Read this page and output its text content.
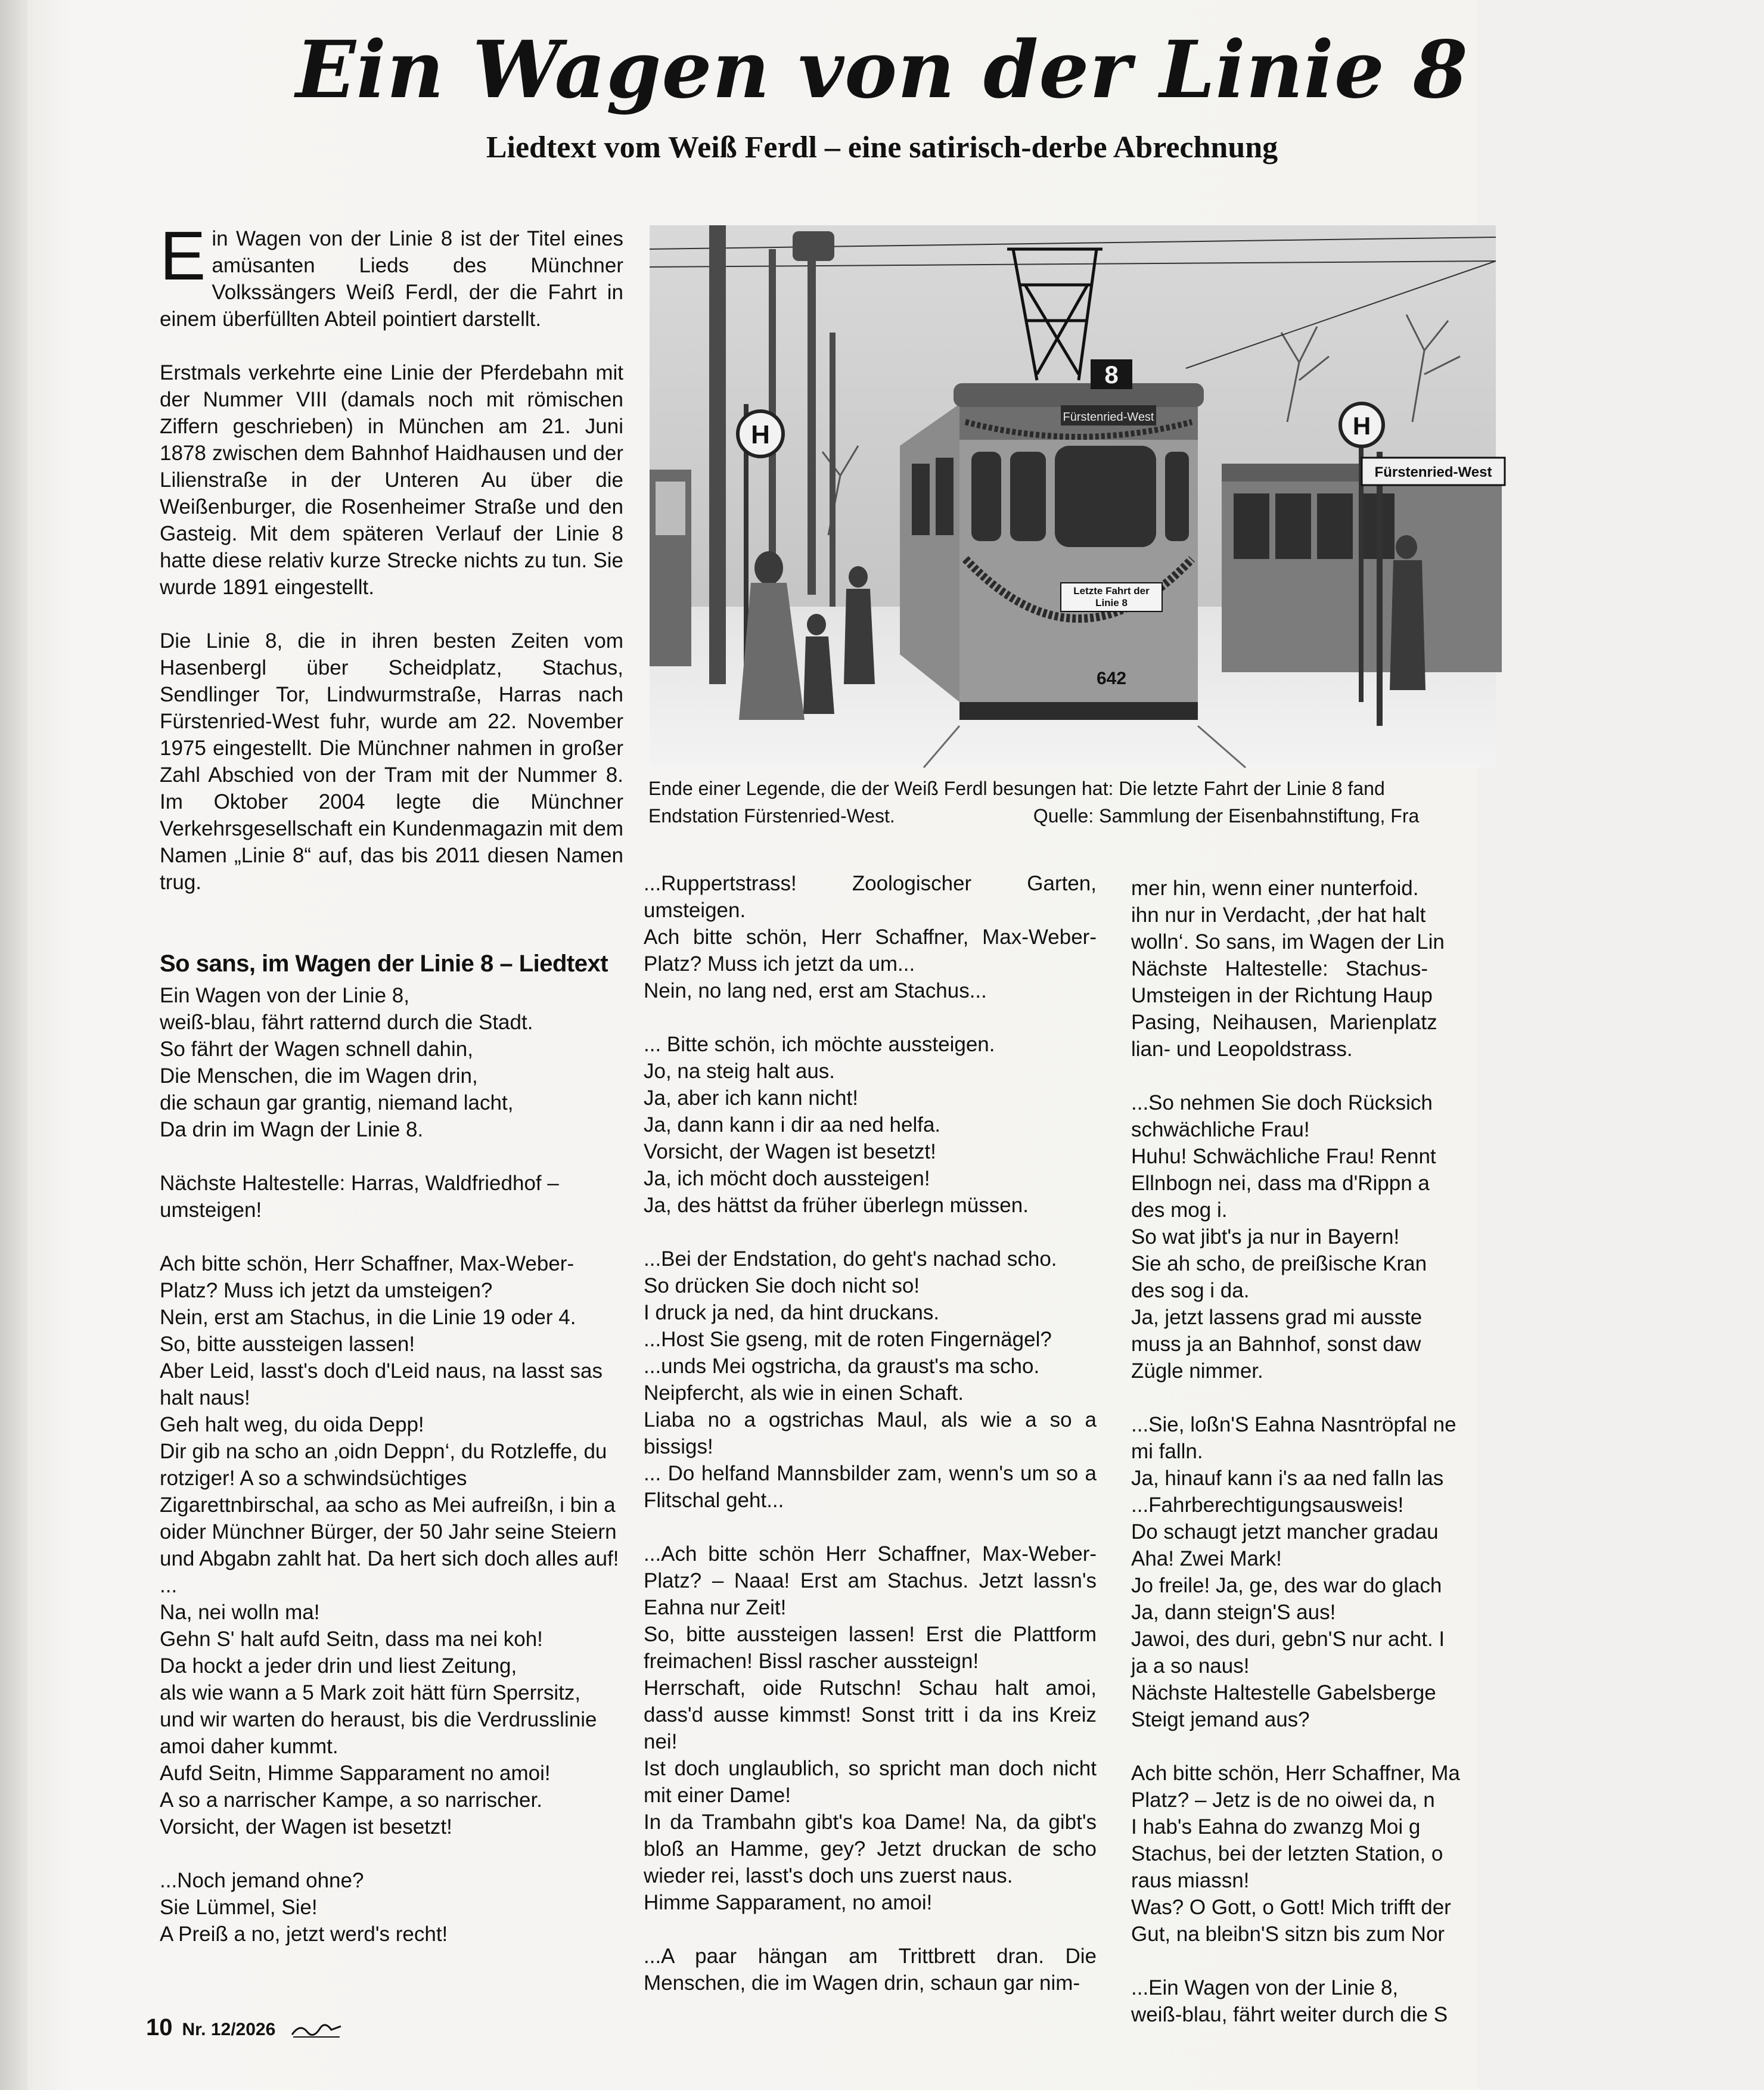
Ein Wagen von der Linie 8
Liedtext vom Weiß Ferdl – eine satirisch-derbe Abrechnung

Ein Wagen von der Linie 8 ist der Titel eines amüsanten Lieds des Münchner Volkssängers Weiß Ferdl, der die Fahrt in einem überfüllten Abteil pointiert darstellt.

Erstmals verkehrte eine Linie der Pferdebahn mit der Nummer VIII (damals noch mit römischen Ziffern geschrieben) in München am 21. Juni 1878 zwischen dem Bahnhof Haidhausen und der Lilienstraße in der Unteren Au über die Weißenburger, die Rosenheimer Straße und den Gasteig. Mit dem späteren Verlauf der Linie 8 hatte diese relativ kurze Strecke nichts zu tun. Sie wurde 1891 eingestellt.

Die Linie 8, die in ihren besten Zeiten vom Hasenbergl über Scheidplatz, Stachus, Sendlinger Tor, Lindwurmstraße, Harras nach Fürstenried-West fuhr, wurde am 22. November 1975 eingestellt. Die Münchner nahmen in großer Zahl Abschied von der Tram mit der Nummer 8. Im Oktober 2004 legte die Münchner Verkehrsgesellschaft ein Kundenmagazin mit dem Namen „Linie 8“ auf, das bis 2011 diesen Namen trug.

So sans, im Wagen der Linie 8 – Liedtext

Ein Wagen von der Linie 8,
weiß-blau, fährt ratternd durch die Stadt.
So fährt der Wagen schnell dahin,
Die Menschen, die im Wagen drin,
die schaun gar grantig, niemand lacht,
Da drin im Wagn der Linie 8.

Nächste Haltestelle: Harras, Waldfriedhof – umsteigen!

Ach bitte schön, Herr Schaffner, Max-Weber-Platz? Muss ich jetzt da umsteigen?
Nein, erst am Stachus, in die Linie 19 oder 4.
So, bitte aussteigen lassen!
Aber Leid, lasst's doch d'Leid naus, na lasst sas halt naus!
Geh halt weg, du oida Depp!
Dir gib na scho an ‚oidn Deppn‘, du Rotzleffe, du rotziger! A so a schwindsüchtiges Zigarettnbirschal, aa scho as Mei aufreißn, i bin a oider Münchner Bürger, der 50 Jahr seine Steiern und Abgabn zahlt hat. Da hert sich doch alles auf!
...
Na, nei wolln ma!
Gehn S' halt aufd Seitn, dass ma nei koh!
Da hockt a jeder drin und liest Zeitung,
als wie wann a 5 Mark zoit hätt fürn Sperrsitz,
und wir warten do heraust, bis die Verdrusslinie amoi daher kummt.
Aufd Seitn, Himme Sapparament no amoi!
A so a narrischer Kampe, a so narrischer.
Vorsicht, der Wagen ist besetzt!

...Noch jemand ohne?
Sie Lümmel, Sie!
A Preiß a no, jetzt werd's recht!

H
8
Fürstenried-West
Letzte Fahrt der Linie 8
642
H
Fürstenried-West
Ende einer Legende, die der Weiß Ferdl besungen hat: Die letzte Fahrt der Linie 8 fand
Endstation Fürstenried-West.	Quelle: Sammlung der Eisenbahnstiftung, Fra

...Ruppertstrass! Zoologischer Garten, umsteigen.
Ach bitte schön, Herr Schaffner, Max-Weber-Platz? Muss ich jetzt da um...
Nein, no lang ned, erst am Stachus...

... Bitte schön, ich möchte aussteigen.
Jo, na steig halt aus.
Ja, aber ich kann nicht!
Ja, dann kann i dir aa ned helfa.
Vorsicht, der Wagen ist besetzt!
Ja, ich möcht doch aussteigen!
Ja, des hättst da früher überlegn müssen.

...Bei der Endstation, do geht's nachad scho.
So drücken Sie doch nicht so!
I druck ja ned, da hint druckans.
...Host Sie gseng, mit de roten Fingernägel?
...unds Mei ogstricha, da graust's ma scho.
Neipfercht, als wie in einen Schaft.
Liaba no a ogstrichas Maul, als wie a so a bissigs!
... Do helfand Mannsbilder zam, wenn's um so a Flitschal geht...

...Ach bitte schön Herr Schaffner, Max-Weber-Platz? – Naaa! Erst am Stachus. Jetzt lassn's Eahna nur Zeit!
So, bitte aussteigen lassen! Erst die Plattform freimachen! Bissl rascher aussteign!
Herrschaft, oide Rutschn! Schau halt amoi, dass'd ausse kimmst! Sonst tritt i da ins Kreiz nei!
Ist doch unglaublich, so spricht man doch nicht mit einer Dame!
In da Trambahn gibt's koa Dame! Na, da gibt's bloß an Hamme, gey? Jetzt druckan de scho wieder rei, lasst's doch uns zuerst naus.
Himme Sapparament, no amoi!

...A paar hängan am Trittbrett dran. Die Menschen, die im Wagen drin, schaun gar nim-

mer hin, wenn einer nunterfoid.
ihn nur in Verdacht, ‚der hat halt
wolln‘. So sans, im Wagen der Lin
Nächste   Haltestelle:   Stachus-
Umsteigen in der Richtung Haup
Pasing,  Neihausen,  Marienplatz
lian- und Leopoldstrass.

...So nehmen Sie doch Rücksich
schwächliche Frau!
Huhu! Schwächliche Frau! Rennt
Ellnbogn nei, dass ma d'Rippn a
des mog i.
So wat jibt's ja nur in Bayern!
Sie ah scho, de preißische Kran
des sog i da.
Ja, jetzt lassens grad mi ausste
muss ja an Bahnhof, sonst daw
Zügle nimmer.

...Sie, loßn'S Eahna Nasntröpfal ne
mi falln.
Ja, hinauf kann i's aa ned falln las
...Fahrberechtigungsausweis!
Do schaugt jetzt mancher gradau
Aha! Zwei Mark!
Jo freile! Ja, ge, des war do glach
Ja, dann steign'S aus!
Jawoi, des duri, gebn'S nur acht. I
ja a so naus!
Nächste Haltestelle Gabelsberge
Steigt jemand aus?

Ach bitte schön, Herr Schaffner, Ma
Platz? – Jetz is de no oiwei da, n
I hab's Eahna do zwanzg Moi g
Stachus, bei der letzten Station, o
raus miassn!
Was? O Gott, o Gott! Mich trifft der
Gut, na bleibn'S sitzn bis zum Nor

...Ein Wagen von der Linie 8,
weiß-blau, fährt weiter durch die S

10 Nr. 12/2026
